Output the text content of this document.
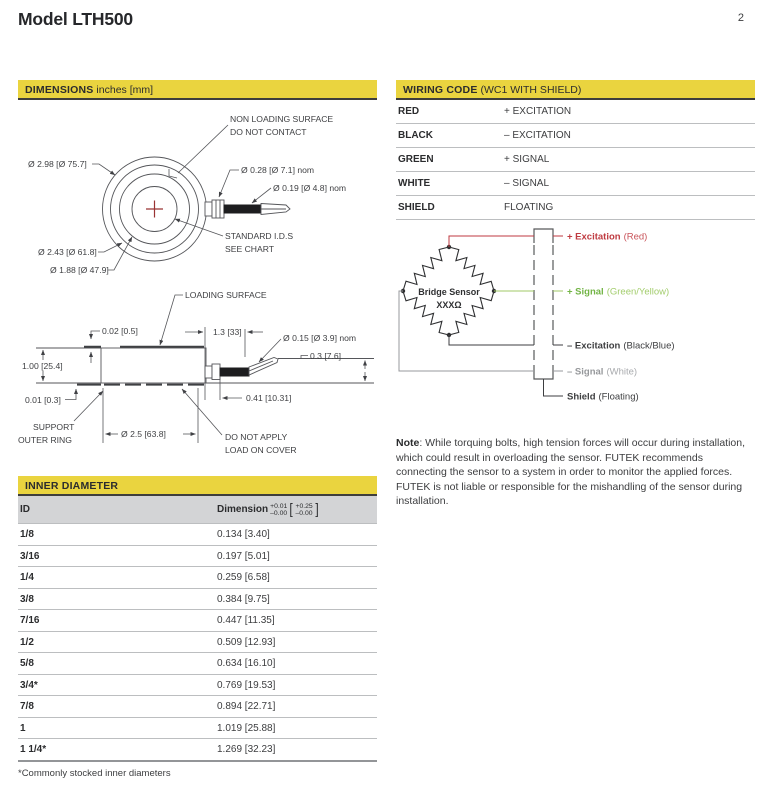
Model LTH500	2
DIMENSIONS inches [mm]
Ø 2.98 [Ø 75.7]
NON LOADING SURFACE
DO NOT CONTACT
Ø 0.28 [Ø 7.1] nom
Ø 0.19 [Ø 4.8] nom
STANDARD I.D.S
SEE CHART
Ø 2.43 [Ø 61.8]
Ø 1.88 [Ø 47.9]
LOADING SURFACE
0.02 [0.5]	1.3 [33]
Ø 0.15 [Ø 3.9] nom
0.3 [7.6]
1.00 [25.4]
0.01 [0.3]
SUPPORT
OUTER RING
Ø 2.5 [63.8]
0.41 [10.31]
DO NOT APPLY
LOAD ON COVER
INNER DIAMETER
ID	Dimension +0.01
–0.00 [ +0.25
–0.00 ]

1/8	0.134 [3.40]
3/16	0.197 [5.01]
1/4	0.259 [6.58]
3/8	0.384 [9.75]
7/16	0.447 [11.35]
1/2	0.509 [12.93]
5/8	0.634 [16.10]
3/4*	0.769 [19.53]
7/8	0.894 [22.71]
1	1.019 [25.88]
1 1/4*	1.269 [32.23]
*Commonly stocked inner diameters
WIRING CODE (WC1 WITH SHIELD)
RED	+ EXCITATION
BLACK	– EXCITATION
GREEN	+ SIGNAL
WHITE	– SIGNAL
SHIELD	FLOATING
Bridge Sensor
XXXΩ
+ Excitation (Red)
+ Signal (Green/Yellow)
– Excitation (Black/Blue)
– Signal (White)
Shield (Floating)

Note: While torquing bolts, high tension forces will occur during installation, which could result in overloading the sensor. FUTEK recommends connecting the sensor to a system in order to monitor the applied forces. FUTEK is not liable or responsible for the mishandling of the sensor during installation.
